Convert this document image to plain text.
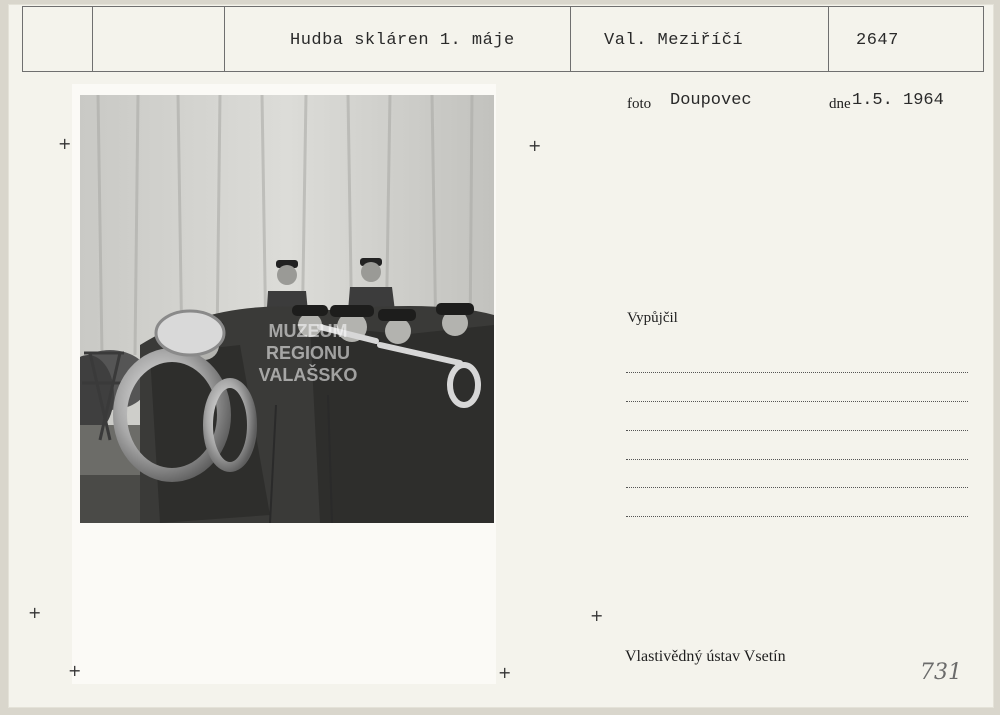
Hudba skláren 1. máje	Val. Meziříčí	2647
MUZEUM
REGIONU
VALAŠSKO
+	+
+	+
+	+
foto Doupovec	dne 1.5. 1964
Vypůjčil
Vlastivědný ústav Vsetín
731
